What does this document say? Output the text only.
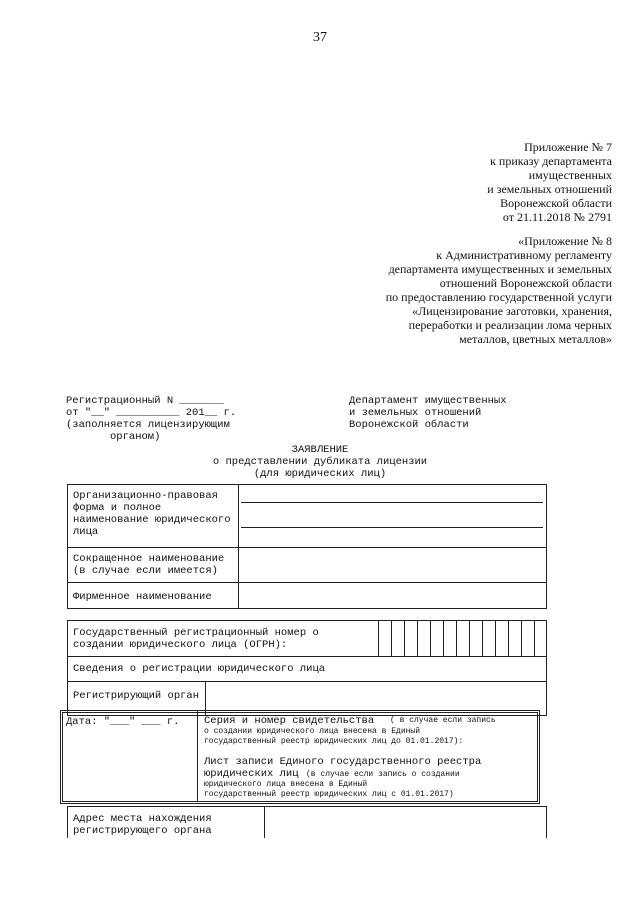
37
Приложение № 7
к приказу департамента
имущественных
и земельных отношений
Воронежской области
от 21.11.2018 № 2791
«Приложение № 8
к Административному регламенту
департамента имущественных и земельных
отношений Воронежской области
по предоставлению государственной услуги
«Лицензирование заготовки, хранения,
переработки и реализации лома черных
металлов, цветных металлов»
Регистрационный N _______
от "__" __________ 201__ г.
(заполняется лицензирующим
органом)
Департамент имущественных
и земельных отношений
Воронежской области
ЗАЯВЛЕНИЕ
о представлении дубликата лицензии
(для юридических лиц)
Организационно-правовая
форма и полное
наименование юридического
лица
Сокращенное наименование
(в случае если имеется)
Фирменное наименование
Государственный регистрационный номер о
создании юридического лица (ОГРН):
Сведения о регистрации юридического лица
Регистрирующий орган
Дата: "___" ___ г. Серия и номер свидетельства ( в случае если запись
о создании юридического лица внесена в Единый
государственный реестр юридических лиц до 01.01.2017):
Лист записи Единого государственного реестра
юридических лиц (в случае если запись о создании
юридического лица внесена в Единый
государственный реестр юридических лиц с 01.01.2017)
Адрес места нахождения
регистрирующего органа
